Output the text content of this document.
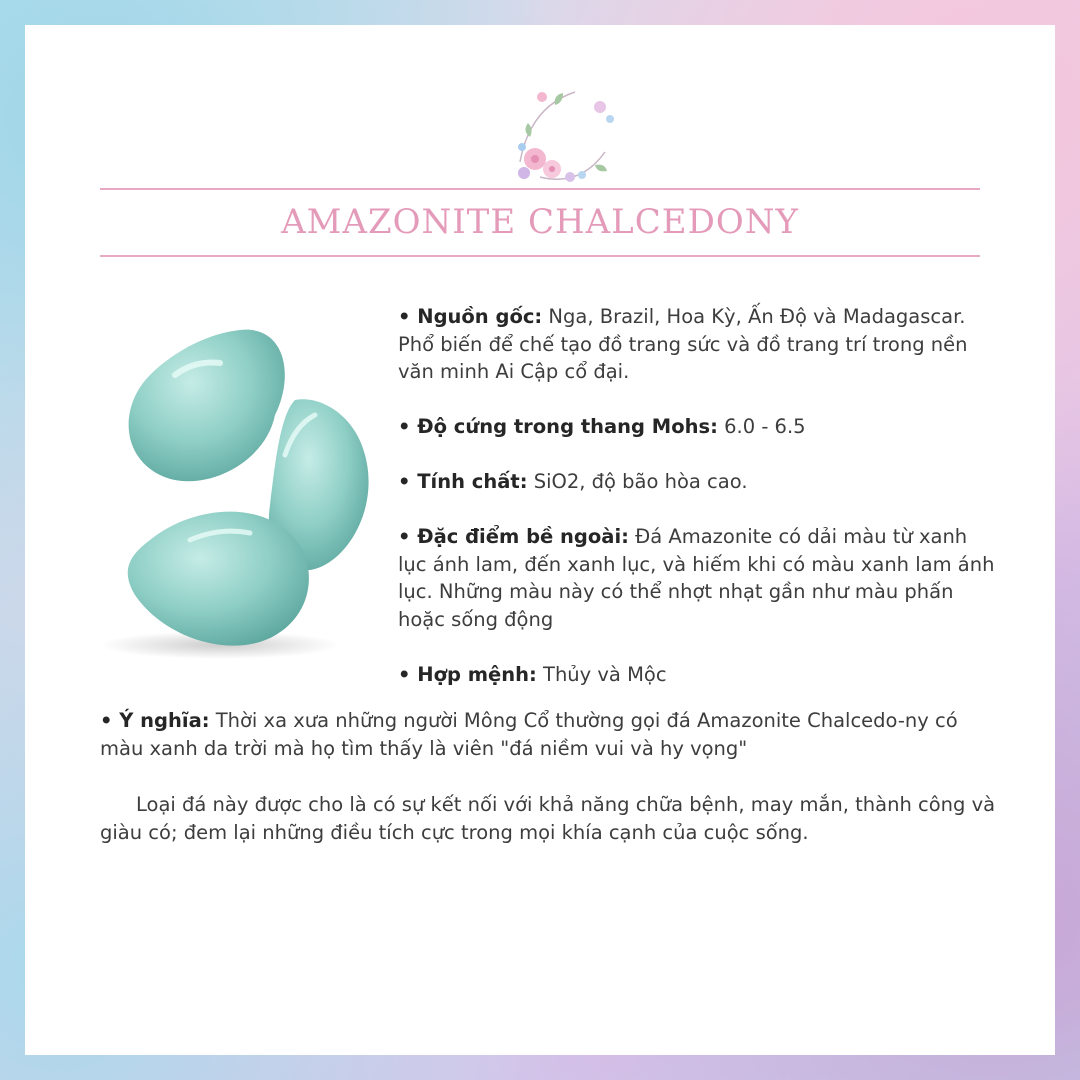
AMAZONITE CHALCEDONY

• Nguồn gốc: Nga, Brazil, Hoa Kỳ, Ấn Độ và Madagascar. Phổ biến để chế tạo đồ trang sức và đồ trang trí trong nền văn minh Ai Cập cổ đại.

• Độ cứng trong thang Mohs: 6.0 - 6.5

• Tính chất: SiO2, độ bão hòa cao.

• Đặc điểm bề ngoài: Đá Amazonite có dải màu từ xanh lục ánh lam, đến xanh lục, và hiếm khi có màu xanh lam ánh lục. Những màu này có thể nhợt nhạt gần như màu phấn hoặc sống động

• Hợp mệnh: Thủy và Mộc

• Ý nghĩa: Thời xa xưa những người Mông Cổ thường gọi đá Amazonite Chalcedo-ny có màu xanh da trời mà họ tìm thấy là viên "đá niềm vui và hy vọng"

Loại đá này được cho là có sự kết nối với khả năng chữa bệnh, may mắn, thành công và giàu có; đem lại những điều tích cực trong mọi khía cạnh của cuộc sống.
